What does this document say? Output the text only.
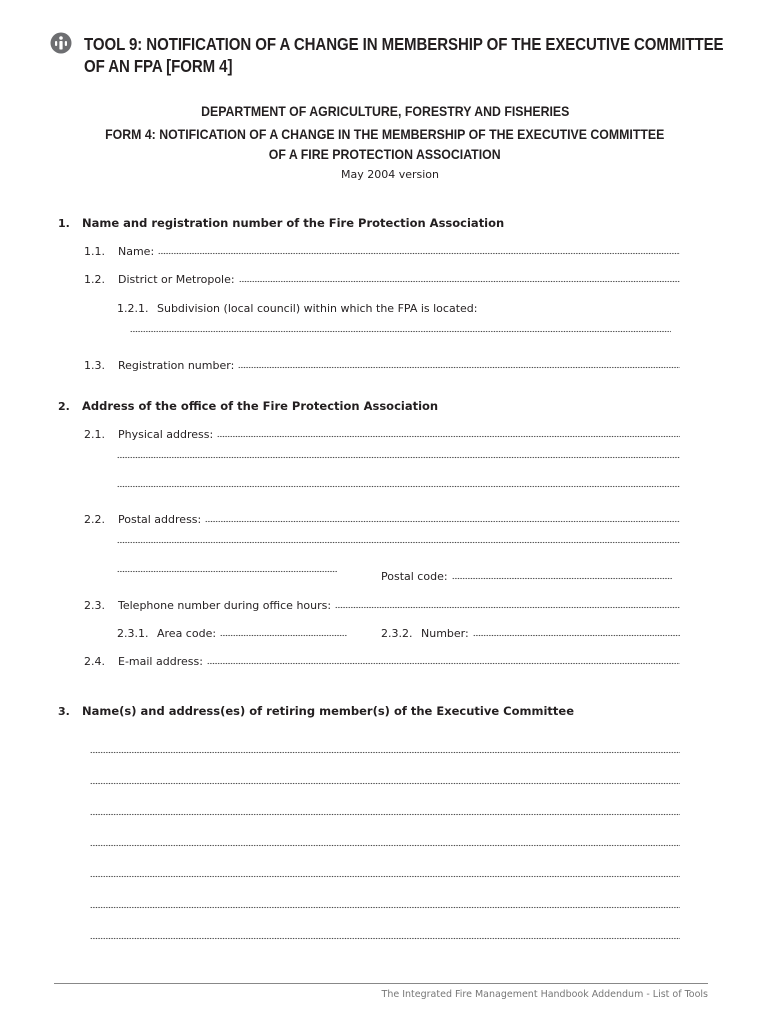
TOOL 9: NOTIFICATION OF A CHANGE IN MEMBERSHIP OF THE EXECUTIVE COMMITTEE
OF AN FPA [FORM 4]
DEPARTMENT OF AGRICULTURE, FORESTRY AND FISHERIES
FORM 4: NOTIFICATION OF A CHANGE IN THE MEMBERSHIP OF THE EXECUTIVE COMMITTEE
OF A FIRE PROTECTION ASSOCIATION
May 2004 version
1. Name and registration number of the Fire Protection Association
1.1.	Name:
1.2.	District or Metropole:
1.2.1. Subdivision (local council) within which the FPA is located:
1.3.	Registration number:
2. Address of the office of the Fire Protection Association
2.1.	Physical address:
2.2.	Postal address:
Postal code:
2.3.	Telephone number during office hours:
2.3.1. Area code:	2.3.2. Number:
2.4.	E-mail address:
3. Name(s) and address(es) of retiring member(s) of the Executive Committee
The Integrated Fire Management Handbook Addendum - List of Tools
